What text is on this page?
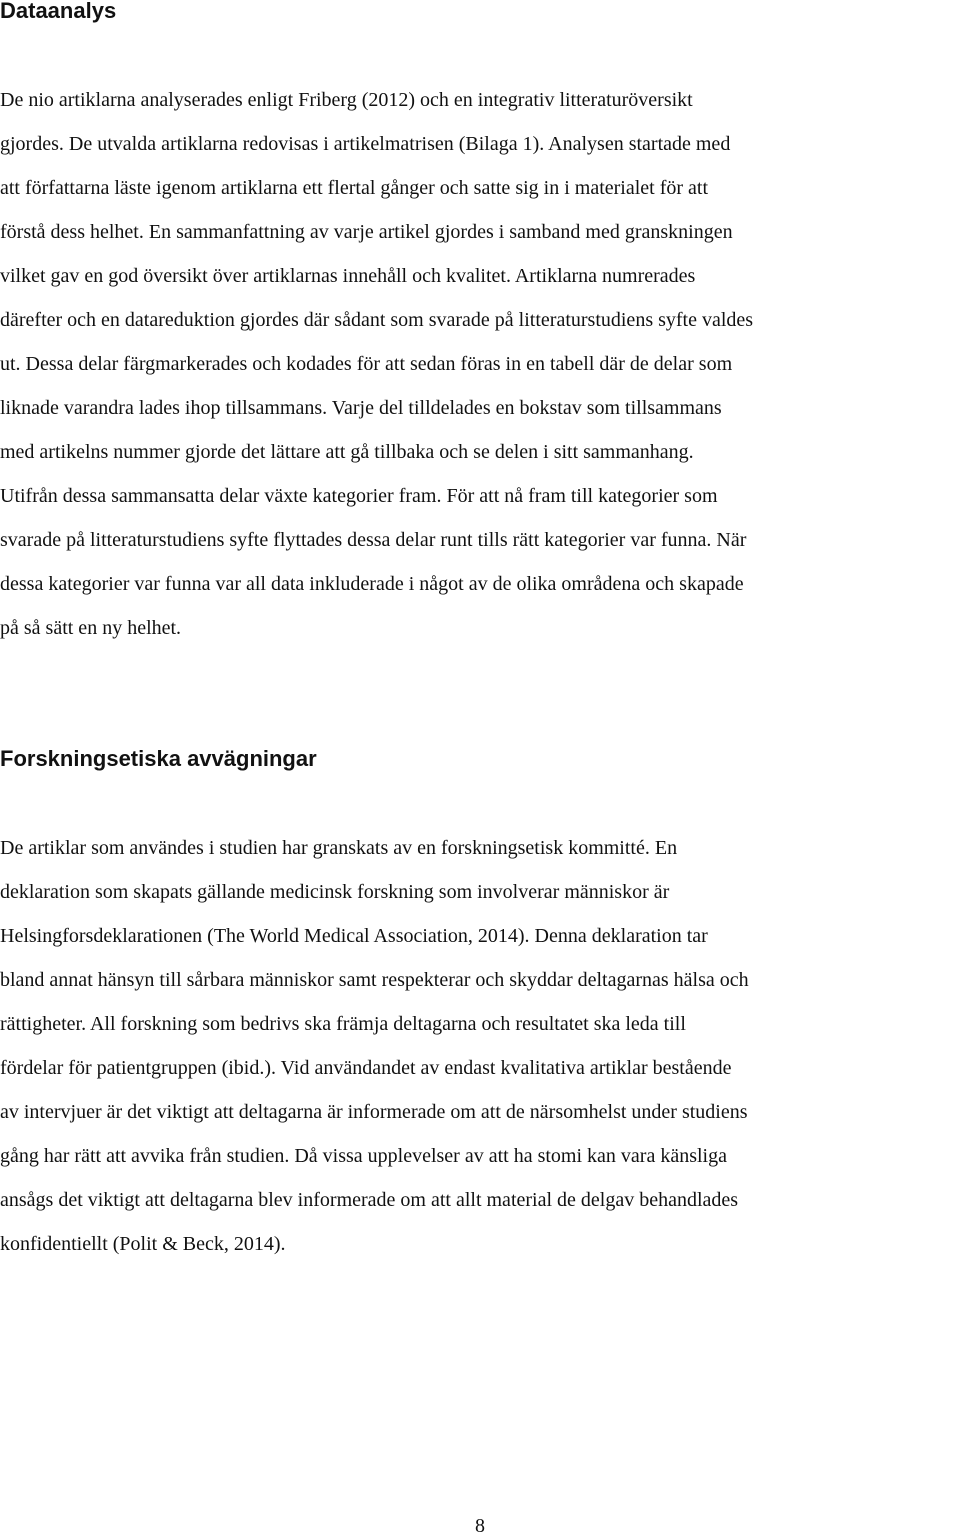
Dataanalys

De nio artiklarna analyserades enligt Friberg (2012) och en integrativ litteraturöversikt
gjordes. De utvalda artiklarna redovisas i artikelmatrisen (Bilaga 1). Analysen startade med
att författarna läste igenom artiklarna ett flertal gånger och satte sig in i materialet för att
förstå dess helhet. En sammanfattning av varje artikel gjordes i samband med granskningen
vilket gav en god översikt över artiklarnas innehåll och kvalitet. Artiklarna numrerades
därefter och en datareduktion gjordes där sådant som svarade på litteraturstudiens syfte valdes
ut. Dessa delar färgmarkerades och kodades för att sedan föras in en tabell där de delar som
liknade varandra lades ihop tillsammans. Varje del tilldelades en bokstav som tillsammans
med artikelns nummer gjorde det lättare att gå tillbaka och se delen i sitt sammanhang.
Utifrån dessa sammansatta delar växte kategorier fram. För att nå fram till kategorier som
svarade på litteraturstudiens syfte flyttades dessa delar runt tills rätt kategorier var funna. När
dessa kategorier var funna var all data inkluderade i något av de olika områdena och skapade
på så sätt en ny helhet.

Forskningsetiska avvägningar

De artiklar som användes i studien har granskats av en forskningsetisk kommitté. En
deklaration som skapats gällande medicinsk forskning som involverar människor är
Helsingforsdeklarationen (The World Medical Association, 2014). Denna deklaration tar
bland annat hänsyn till sårbara människor samt respekterar och skyddar deltagarnas hälsa och
rättigheter. All forskning som bedrivs ska främja deltagarna och resultatet ska leda till
fördelar för patientgruppen (ibid.). Vid användandet av endast kvalitativa artiklar bestående
av intervjuer är det viktigt att deltagarna är informerade om att de närsomhelst under studiens
gång har rätt att avvika från studien. Då vissa upplevelser av att ha stomi kan vara känsliga
ansågs det viktigt att deltagarna blev informerade om att allt material de delgav behandlades
konfidentiellt (Polit & Beck, 2014).

8
